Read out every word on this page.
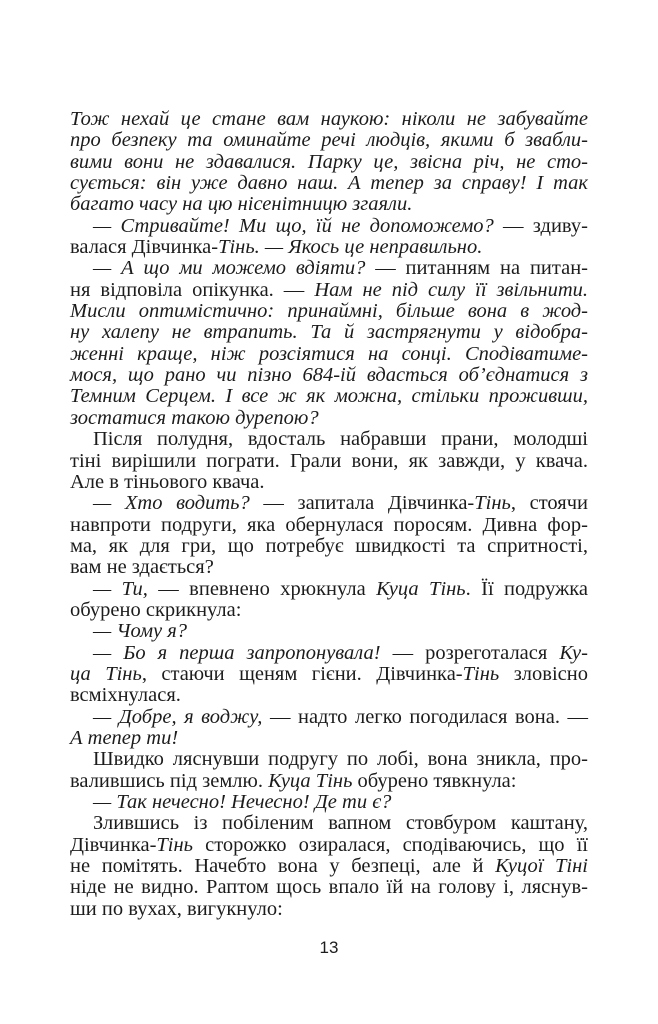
Тож нехай це стане вам наукою: ніколи не забувайте
про безпеку та оминайте речі людців, якими б звабли-
вими вони не здавалися. Парку це, звісна річ, не сто-
сується: він уже давно наш. А тепер за справу! І так
багато часу на цю нісенітницю згаяли.
— Стривайте! Ми що, їй не допоможемо? — здиву-
валася Дівчинка-Тінь. — Якось це неправильно.
— А що ми можемо вдіяти? — питанням на питан-
ня відповіла опікунка. — Нам не під силу її звільнити.
Мисли оптимістично: принаймні, більше вона в жод-
ну халепу не втрапить. Та й застрягнути у відобра-
женні краще, ніж розсіятися на сонці. Сподіватиме-
мося, що рано чи пізно 684-ій вдасться об’єднатися з
Темним Серцем. І все ж як можна, стільки проживши,
зостатися такою дурепою?
Після полудня, вдосталь набравши прани, молодші
тіні вирішили пограти. Грали вони, як завжди, у квача.
Але в тіньового квача.
— Хто водить? — запитала Дівчинка-Тінь, стоячи
навпроти подруги, яка обернулася поросям. Дивна фор-
ма, як для гри, що потребує швидкості та спритності,
вам не здається?
— Ти, — впевнено хрюкнула Куца Тінь. Її подружка
обурено скрикнула:
— Чому я?
— Бо я перша запропонувала! — розреготалася Ку-
ца Тінь, стаючи щеням гієни. Дівчинка-Тінь зловісно
всміхнулася.
— Добре, я воджу, — надто легко погодилася вона. —
А тепер ти!
Швидко ляснувши подругу по лобі, вона зникла, про-
валившись під землю. Куца Тінь обурено тявкнула:
— Так нечесно! Нечесно! Де ти є?
Злившись із побіленим вапном стовбуром каштану,
Дівчинка-Тінь сторожко озиралася, сподіваючись, що її
не помітять. Начебто вона у безпеці, але й Куцої Тіні
ніде не видно. Раптом щось впало їй на голову і, ляснув-
ши по вухах, вигукнуло:
13
